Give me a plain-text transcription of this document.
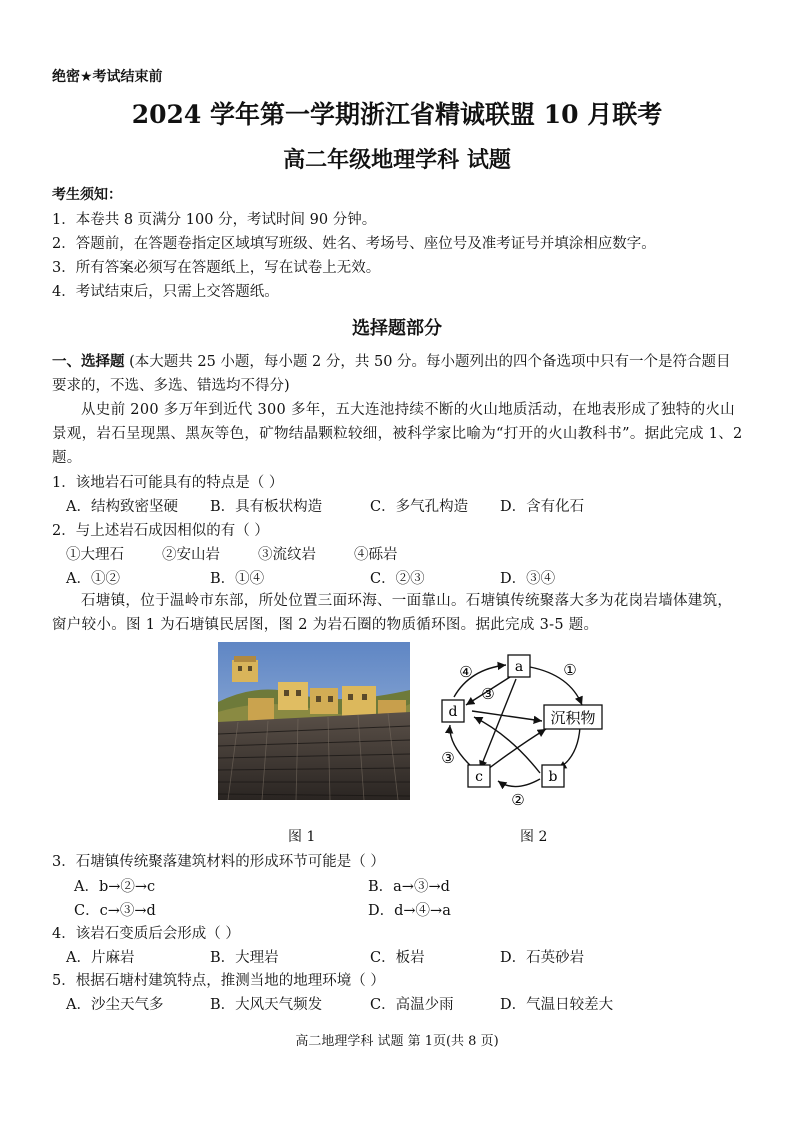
绝密★考试结束前
2024 学年第一学期浙江省精诚联盟 10 月联考
高二年级地理学科 试题
考生须知：
1．本卷共 8 页满分 100 分，考试时间 90 分钟。
2．答题前，在答题卷指定区域填写班级、姓名、考场号、座位号及准考证号并填涂相应数字。
3．所有答案必须写在答题纸上，写在试卷上无效。
4．考试结束后，只需上交答题纸。
选择题部分
一、选择题 (本大题共 25 小题，每小题 2 分，共 50 分。每小题列出的四个备选项中只有一个是符合题目要求的，不选、多选、错选均不得分)
从史前 200 多万年到近代 300 多年，五大连池持续不断的火山地质活动，在地表形成了独特的火山景观，岩石呈现黑、黑灰等色，矿物结晶颗粒较细，被科学家比喻为“打开的火山教科书”。据此完成 1、2 题。
1．该地岩石可能具有的特点是（ ）
A．结构致密坚硬 B．具有板状构造	C．多气孔构造 D．含有化石
2．与上述岩石成因相似的有（ ）
①大理石	②安山岩	③流纹岩	④砾岩
A．①②	B．①④	C．②③	D．③④
石塘镇，位于温岭市东部，所处位置三面环海、一面靠山。石塘镇传统聚落大多为花岗岩墙体建筑，窗户较小。图 1 为石塘镇民居图，图 2 为岩石圈的物质循环图。据此完成 3-5 题。
a
d	沉积物
c	b
①
②
③
③
④
图 1	图 2
3．石塘镇传统聚落建筑材料的形成环节可能是（ ）
A．b→②→c	B．a→③→d
C．c→③→d	D．d→④→a
4．该岩石变质后会形成（ ）
A．片麻岩	B．大理岩	C．板岩	D．石英砂岩
5．根据石塘村建筑特点，推测当地的地理环境（ ）
A．沙尘天气多	B．大风天气频发	C．高温少雨	D．气温日较差大
高二地理学科 试题 第 1页(共 8 页)
